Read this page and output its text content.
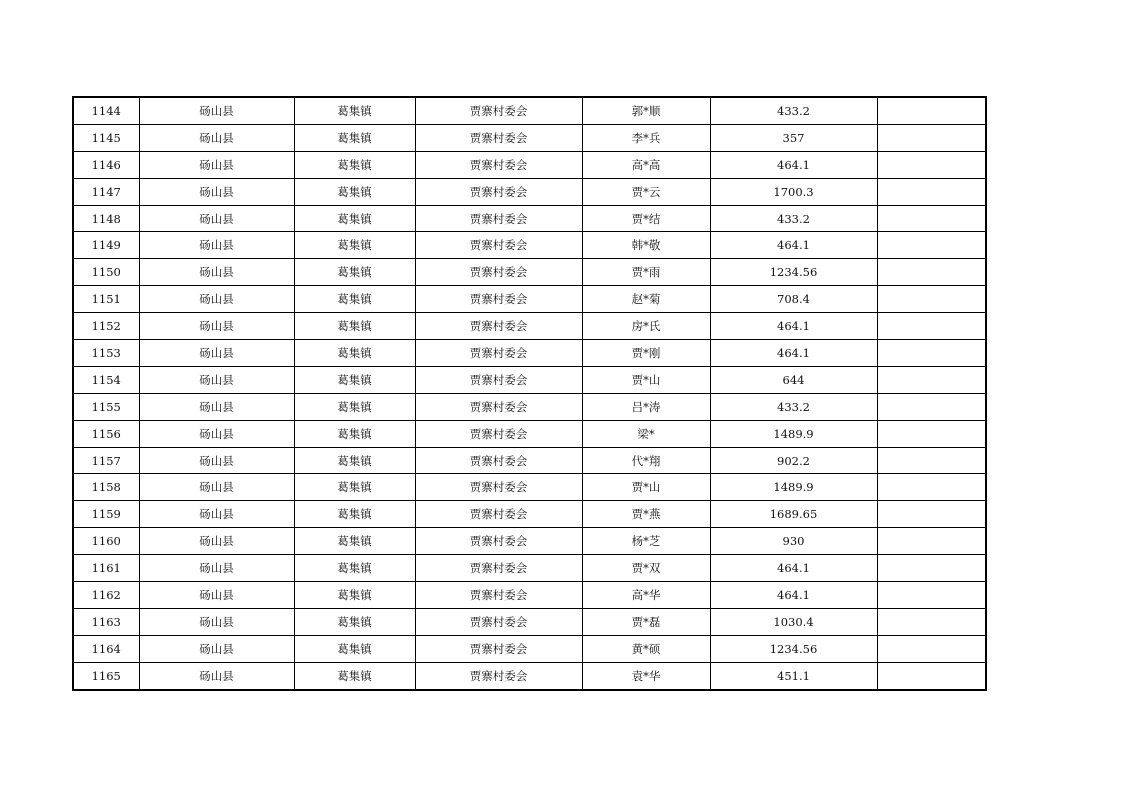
1144	砀山县	葛集镇	贾寨村委会	郭*顺	433.2	
1145	砀山县	葛集镇	贾寨村委会	李*兵	357	
1146	砀山县	葛集镇	贾寨村委会	高*高	464.1	
1147	砀山县	葛集镇	贾寨村委会	贾*云	1700.3	
1148	砀山县	葛集镇	贾寨村委会	贾*结	433.2	
1149	砀山县	葛集镇	贾寨村委会	韩*敬	464.1	
1150	砀山县	葛集镇	贾寨村委会	贾*雨	1234.56	
1151	砀山县	葛集镇	贾寨村委会	赵*菊	708.4	
1152	砀山县	葛集镇	贾寨村委会	房*氏	464.1	
1153	砀山县	葛集镇	贾寨村委会	贾*刚	464.1	
1154	砀山县	葛集镇	贾寨村委会	贾*山	644	
1155	砀山县	葛集镇	贾寨村委会	吕*涛	433.2	
1156	砀山县	葛集镇	贾寨村委会	梁*	1489.9	
1157	砀山县	葛集镇	贾寨村委会	代*翔	902.2	
1158	砀山县	葛集镇	贾寨村委会	贾*山	1489.9	
1159	砀山县	葛集镇	贾寨村委会	贾*燕	1689.65	
1160	砀山县	葛集镇	贾寨村委会	杨*芝	930	
1161	砀山县	葛集镇	贾寨村委会	贾*双	464.1	
1162	砀山县	葛集镇	贾寨村委会	高*华	464.1	
1163	砀山县	葛集镇	贾寨村委会	贾*磊	1030.4	
1164	砀山县	葛集镇	贾寨村委会	黄*硕	1234.56	
1165	砀山县	葛集镇	贾寨村委会	袁*华	451.1	
